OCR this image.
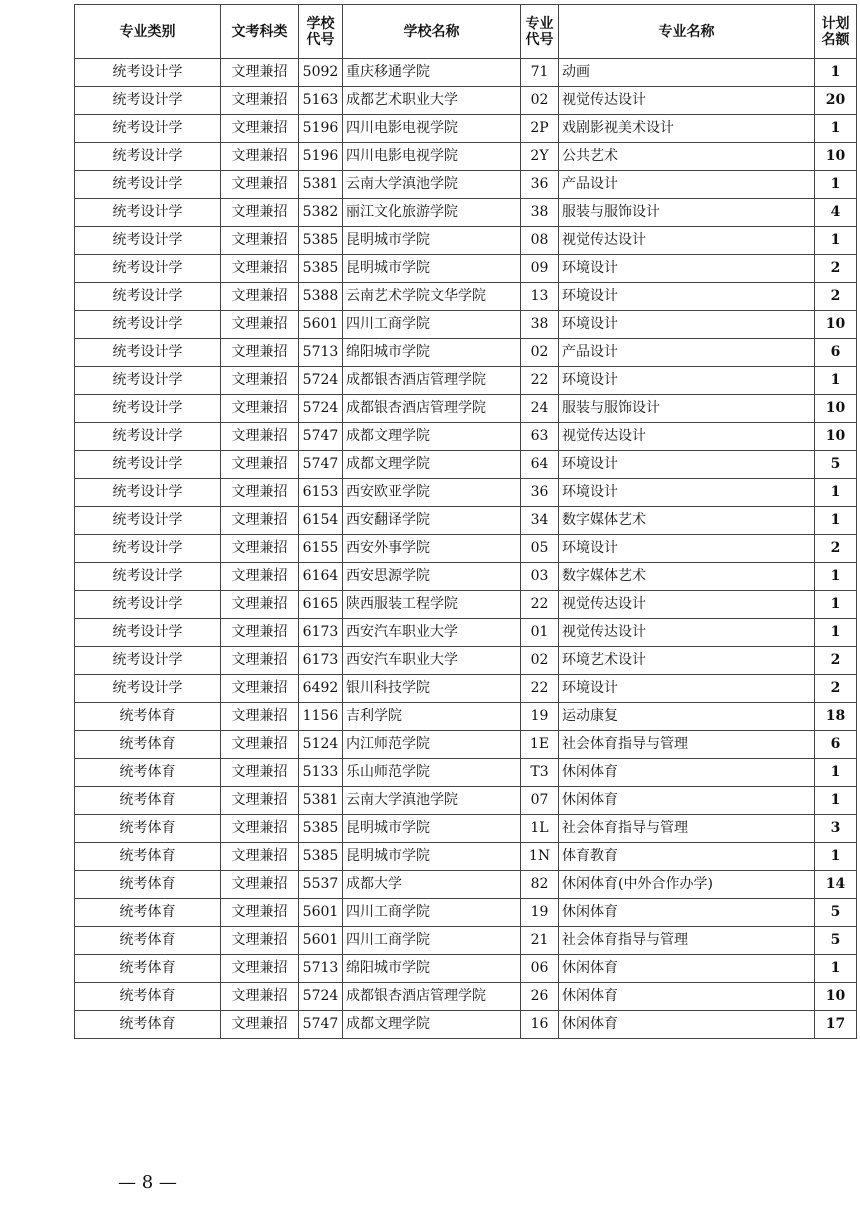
专业类别	文考科类	学校代号	学校名称	专业代号	专业名称	计划名额
统考设计学	文理兼招	5092	重庆移通学院	71	动画	1
统考设计学	文理兼招	5163	成都艺术职业大学	02	视觉传达设计	20
统考设计学	文理兼招	5196	四川电影电视学院	2P	戏剧影视美术设计	1
统考设计学	文理兼招	5196	四川电影电视学院	2Y	公共艺术	10
统考设计学	文理兼招	5381	云南大学滇池学院	36	产品设计	1
统考设计学	文理兼招	5382	丽江文化旅游学院	38	服装与服饰设计	4
统考设计学	文理兼招	5385	昆明城市学院	08	视觉传达设计	1
统考设计学	文理兼招	5385	昆明城市学院	09	环境设计	2
统考设计学	文理兼招	5388	云南艺术学院文华学院	13	环境设计	2
统考设计学	文理兼招	5601	四川工商学院	38	环境设计	10
统考设计学	文理兼招	5713	绵阳城市学院	02	产品设计	6
统考设计学	文理兼招	5724	成都银杏酒店管理学院	22	环境设计	1
统考设计学	文理兼招	5724	成都银杏酒店管理学院	24	服装与服饰设计	10
统考设计学	文理兼招	5747	成都文理学院	63	视觉传达设计	10
统考设计学	文理兼招	5747	成都文理学院	64	环境设计	5
统考设计学	文理兼招	6153	西安欧亚学院	36	环境设计	1
统考设计学	文理兼招	6154	西安翻译学院	34	数字媒体艺术	1
统考设计学	文理兼招	6155	西安外事学院	05	环境设计	2
统考设计学	文理兼招	6164	西安思源学院	03	数字媒体艺术	1
统考设计学	文理兼招	6165	陕西服装工程学院	22	视觉传达设计	1
统考设计学	文理兼招	6173	西安汽车职业大学	01	视觉传达设计	1
统考设计学	文理兼招	6173	西安汽车职业大学	02	环境艺术设计	2
统考设计学	文理兼招	6492	银川科技学院	22	环境设计	2
统考体育	文理兼招	1156	吉利学院	19	运动康复	18
统考体育	文理兼招	5124	内江师范学院	1E	社会体育指导与管理	6
统考体育	文理兼招	5133	乐山师范学院	T3	休闲体育	1
统考体育	文理兼招	5381	云南大学滇池学院	07	休闲体育	1
统考体育	文理兼招	5385	昆明城市学院	1L	社会体育指导与管理	3
统考体育	文理兼招	5385	昆明城市学院	1N	体育教育	1
统考体育	文理兼招	5537	成都大学	82	休闲体育(中外合作办学)	14
统考体育	文理兼招	5601	四川工商学院	19	休闲体育	5
统考体育	文理兼招	5601	四川工商学院	21	社会体育指导与管理	5
统考体育	文理兼招	5713	绵阳城市学院	06	休闲体育	1
统考体育	文理兼招	5724	成都银杏酒店管理学院	26	休闲体育	10
统考体育	文理兼招	5747	成都文理学院	16	休闲体育	17
— 8 —
